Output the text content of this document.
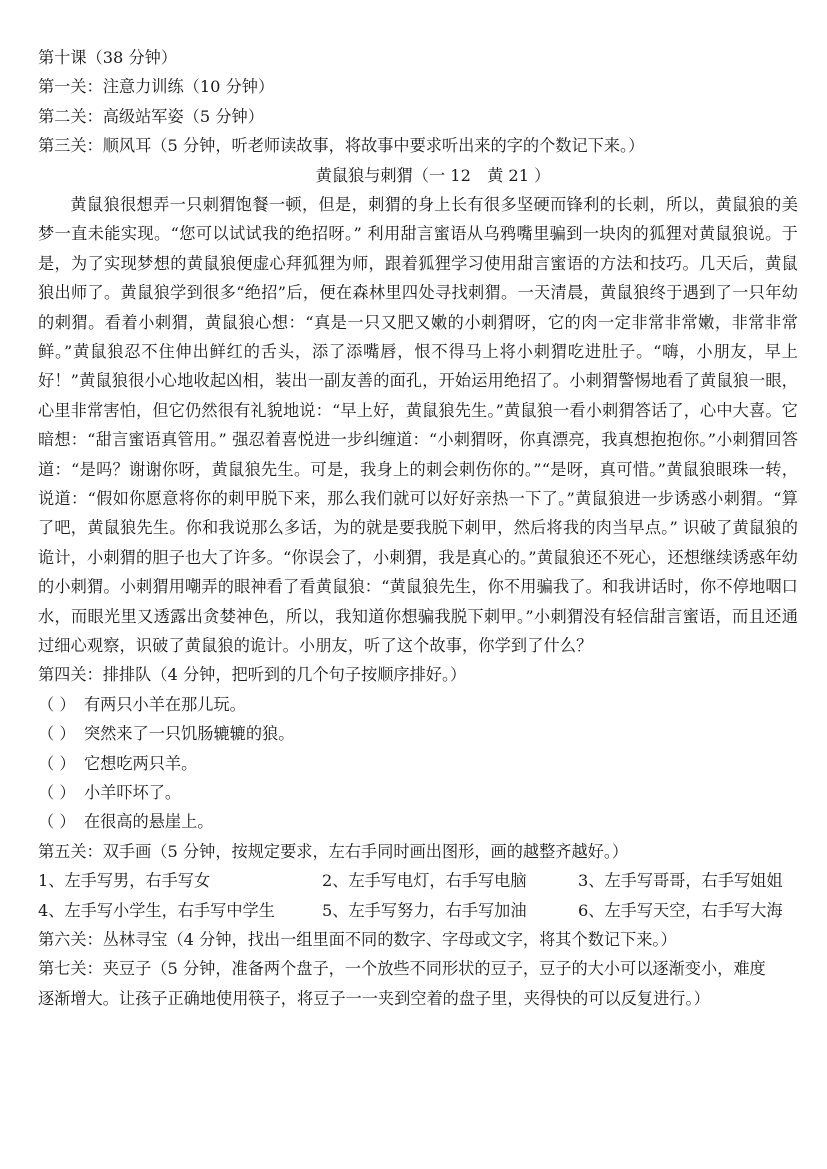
第十课（38 分钟）
第一关：注意力训练（10 分钟）
第二关：高级站军姿（5 分钟）
第三关：顺风耳（5 分钟，听老师读故事，将故事中要求听出来的字的个数记下来。）
黄鼠狼与刺猬（一 12　黄 21 ）
黄鼠狼很想弄一只刺猬饱餐一顿，但是，刺猬的身上长有很多坚硬而锋利的长刺，所以，黄鼠狼的美梦一直未能实现。“您可以试试我的绝招呀。” 利用甜言蜜语从乌鸦嘴里骗到一块肉的狐狸对黄鼠狼说。于是，为了实现梦想的黄鼠狼便虚心拜狐狸为师，跟着狐狸学习使用甜言蜜语的方法和技巧。几天后，黄鼠狼出师了。黄鼠狼学到很多“绝招”后，便在森林里四处寻找刺猬。一天清晨，黄鼠狼终于遇到了一只年幼的刺猬。看着小刺猬，黄鼠狼心想：“真是一只又肥又嫩的小刺猬呀，它的肉一定非常非常嫩，非常非常鲜。”黄鼠狼忍不住伸出鲜红的舌头，添了添嘴唇，恨不得马上将小刺猬吃进肚子。“嗨，小朋友，早上好！”黄鼠狼很小心地收起凶相，装出一副友善的面孔，开始运用绝招了。小刺猬警惕地看了黄鼠狼一眼，心里非常害怕，但它仍然很有礼貌地说：“早上好，黄鼠狼先生。”黄鼠狼一看小刺猬答话了，心中大喜。它暗想：“甜言蜜语真管用。” 强忍着喜悦进一步纠缠道：“小刺猬呀，你真漂亮，我真想抱抱你。”小刺猬回答道：“是吗？谢谢你呀，黄鼠狼先生。可是，我身上的刺会刺伤你的。”“是呀，真可惜。”黄鼠狼眼珠一转，说道：“假如你愿意将你的刺甲脱下来，那么我们就可以好好亲热一下了。”黄鼠狼进一步诱惑小刺猬。“算了吧，黄鼠狼先生。你和我说那么多话，为的就是要我脱下刺甲，然后将我的肉当早点。” 识破了黄鼠狼的诡计，小刺猬的胆子也大了许多。“你误会了，小刺猬，我是真心的。”黄鼠狼还不死心，还想继续诱惑年幼的小刺猬。小刺猬用嘲弄的眼神看了看黄鼠狼：“黄鼠狼先生，你不用骗我了。和我讲话时，你不停地咽口水，而眼光里又透露出贪婪神色，所以，我知道你想骗我脱下刺甲。”小刺猬没有轻信甜言蜜语，而且还通过细心观察，识破了黄鼠狼的诡计。小朋友，听了这个故事，你学到了什么？
第四关：排排队（4 分钟，把听到的几个句子按顺序排好。）
（ ） 有两只小羊在那儿玩。
（ ） 突然来了一只饥肠辘辘的狼。
（ ） 它想吃两只羊。
（ ） 小羊吓坏了。
（ ） 在很高的悬崖上。
第五关：双手画（5 分钟，按规定要求，左右手同时画出图形，画的越整齐越好。）
1、左手写男，右手写女	2、左手写电灯，右手写电脑	3、左手写哥哥，右手写姐姐
4、左手写小学生，右手写中学生	5、左手写努力，右手写加油	6、左手写天空，右手写大海
第六关：丛林寻宝（4 分钟，找出一组里面不同的数字、字母或文字，将其个数记下来。）
第七关：夹豆子（5 分钟，准备两个盘子，一个放些不同形状的豆子，豆子的大小可以逐渐变小，难度
逐渐增大。让孩子正确地使用筷子，将豆子一一夹到空着的盘子里，夹得快的可以反复进行。）
